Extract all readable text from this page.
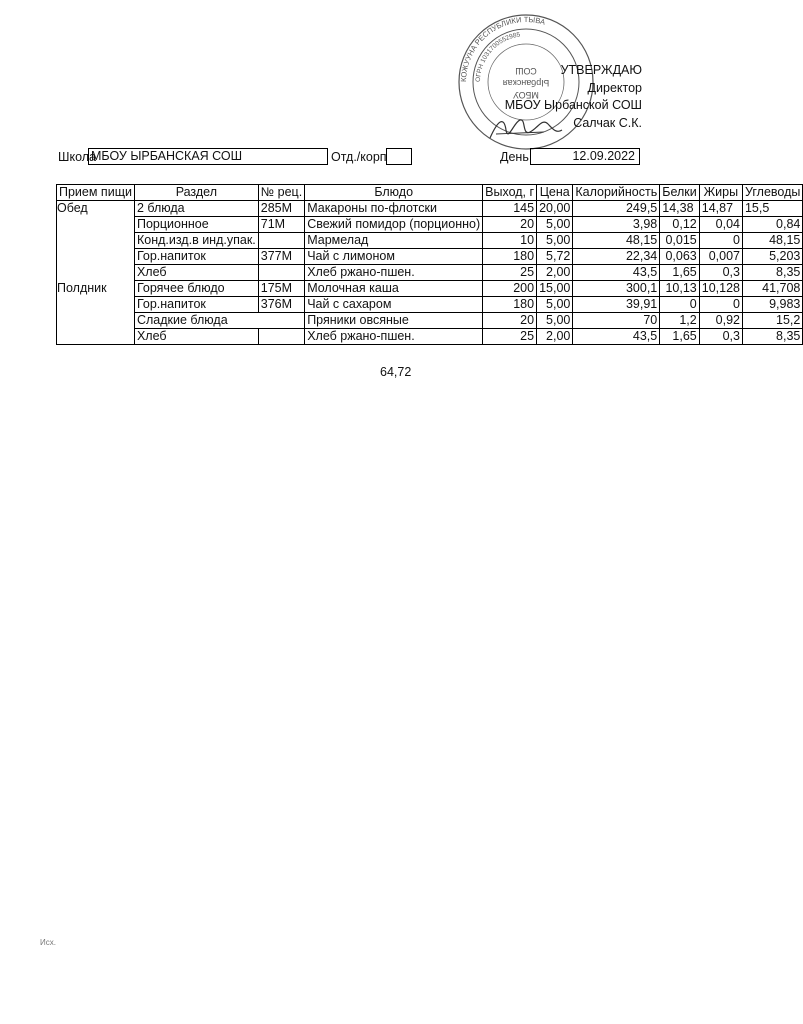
КОЖУУНА РЕСПУБЛИКИ ТЫВА
ОГРН 1031700552985
МБОУ
Ырбанская
СОШ	УТВЕРЖДАЮ
Директор
МБОУ Ырбанской СОШ
Салчак С.К.
Школа
МБОУ ЫРБАНСКАЯ СОШ	Отд./корп	День	12.09.2022
Прием пищи	Раздел	№ рец.	Блюдо	Выход, г	Цена	Калорийность	Белки	Жиры	Углеводы
Обед	2 блюда	285М	Макароны по-флотски	145	20,00	249,5	14,38	14,87	15,5
	Порционное	71М	Свежий помидор (порционно)	20	5,00	3,98	0,12	0,04	0,84
	Конд.изд.в инд.упак.		Мармелад	10	5,00	48,15	0,015	0	48,15
	Гор.напиток	377М	Чай с лимоном	180	5,72	22,34	0,063	0,007	5,203
	Хлеб		Хлеб ржано-пшен.	25	2,00	43,5	1,65	0,3	8,35
Полдник	Горячее блюдо	175М	Молочная каша	200	15,00	300,1	10,13	10,128	41,708
	Гор.напиток	376М	Чай с сахаром	180	5,00	39,91	0	0	9,983
	Сладкие блюда		Пряники овсяные	20	5,00	70	1,2	0,92	15,2
	Хлеб		Хлеб ржано-пшен.	25	2,00	43,5	1,65	0,3	8,35
64,72
Исх.
